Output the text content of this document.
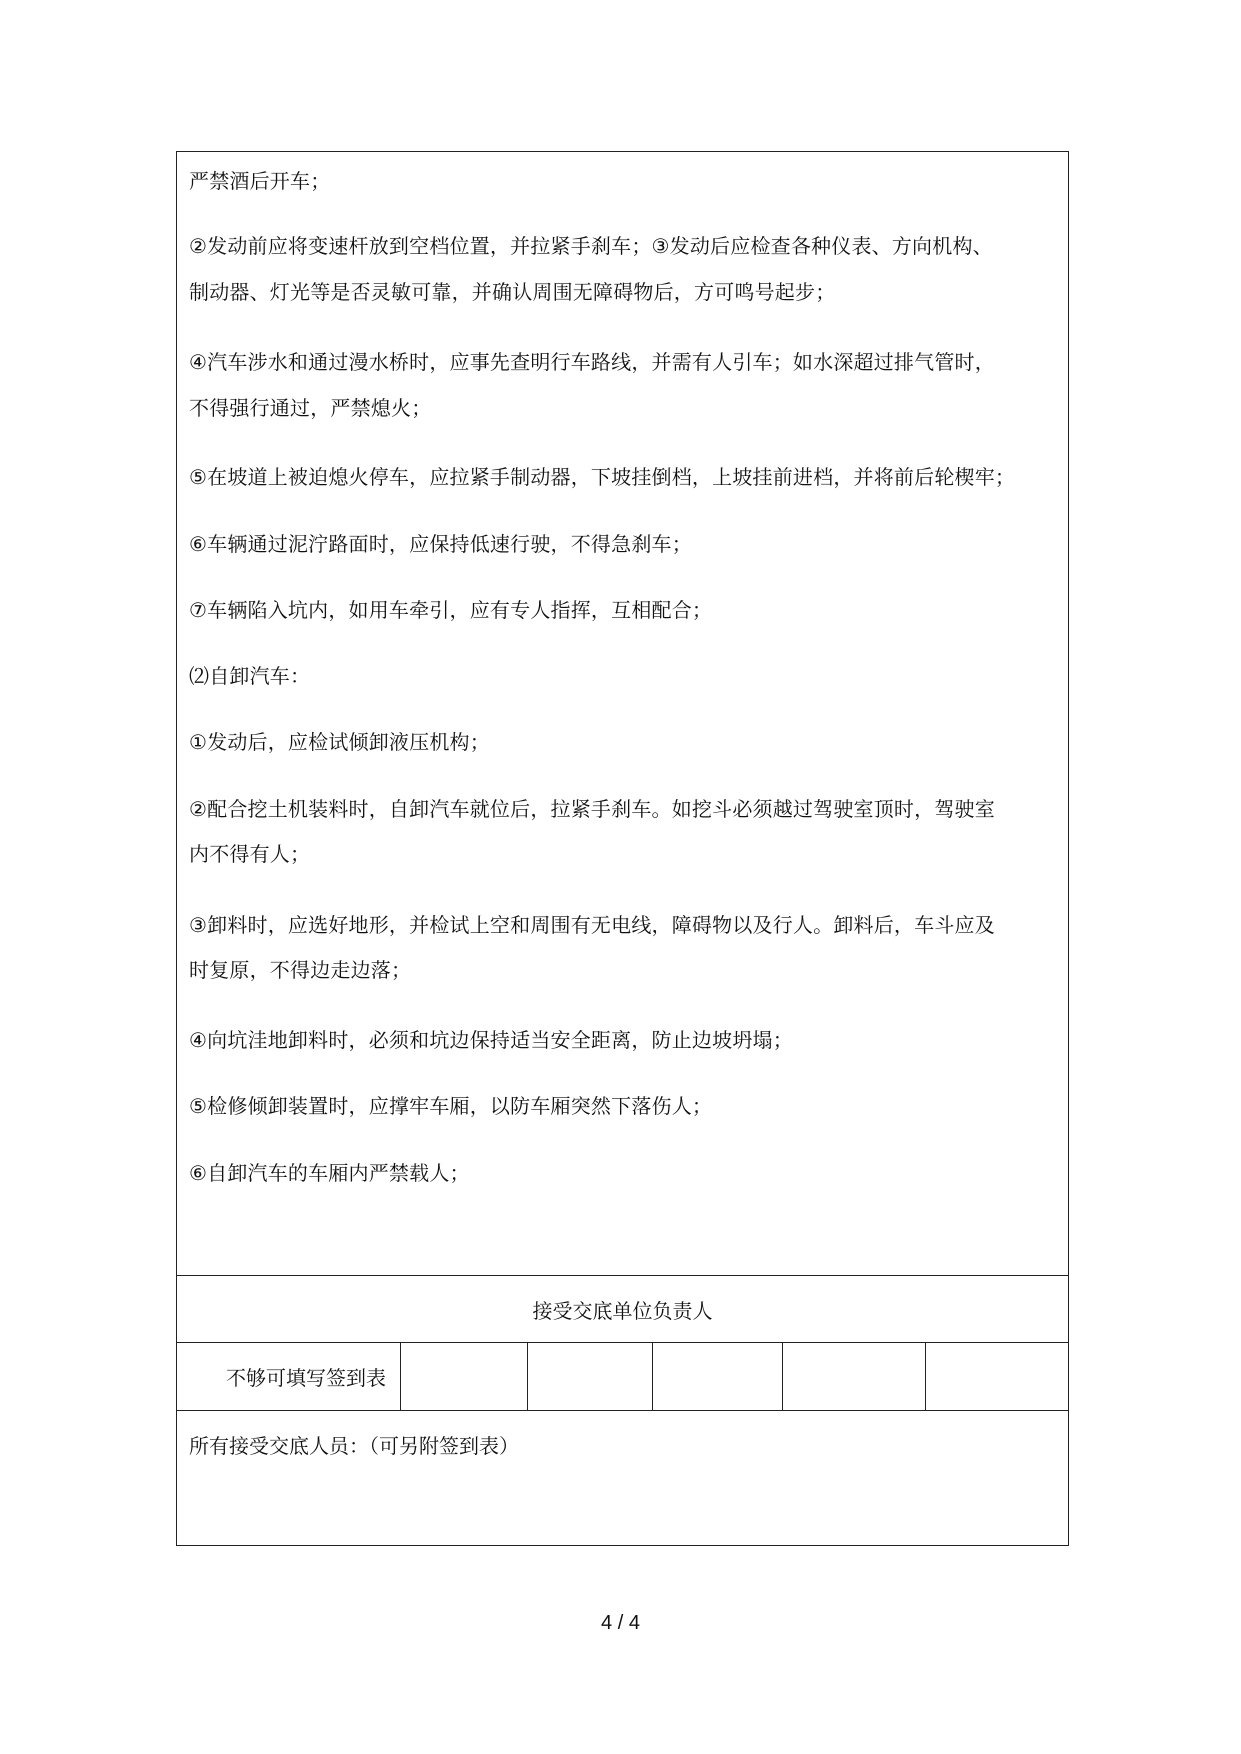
严禁酒后开车；
②发动前应将变速杆放到空档位置，并拉紧手刹车；③发动后应检查各种仪表、方向机构、
制动器、灯光等是否灵敏可靠，并确认周围无障碍物后，方可鸣号起步；
④汽车涉水和通过漫水桥时，应事先查明行车路线，并需有人引车；如水深超过排气管时，
不得强行通过，严禁熄火；
⑤在坡道上被迫熄火停车，应拉紧手制动器，下坡挂倒档，上坡挂前进档，并将前后轮楔牢；
⑥车辆通过泥泞路面时，应保持低速行驶，不得急刹车；
⑦车辆陷入坑内，如用车牵引，应有专人指挥，互相配合；
⑵自卸汽车：
①发动后，应检试倾卸液压机构；
②配合挖土机装料时，自卸汽车就位后，拉紧手刹车。如挖斗必须越过驾驶室顶时，驾驶室
内不得有人；
③卸料时，应选好地形，并检试上空和周围有无电线，障碍物以及行人。卸料后，车斗应及
时复原，不得边走边落；
④向坑洼地卸料时，必须和坑边保持适当安全距离，防止边坡坍塌；
⑤检修倾卸装置时，应撑牢车厢，以防车厢突然下落伤人；
⑥自卸汽车的车厢内严禁载人；
接受交底单位负责人
不够可填写签到表
所有接受交底人员：（可另附签到表）
4 / 4
